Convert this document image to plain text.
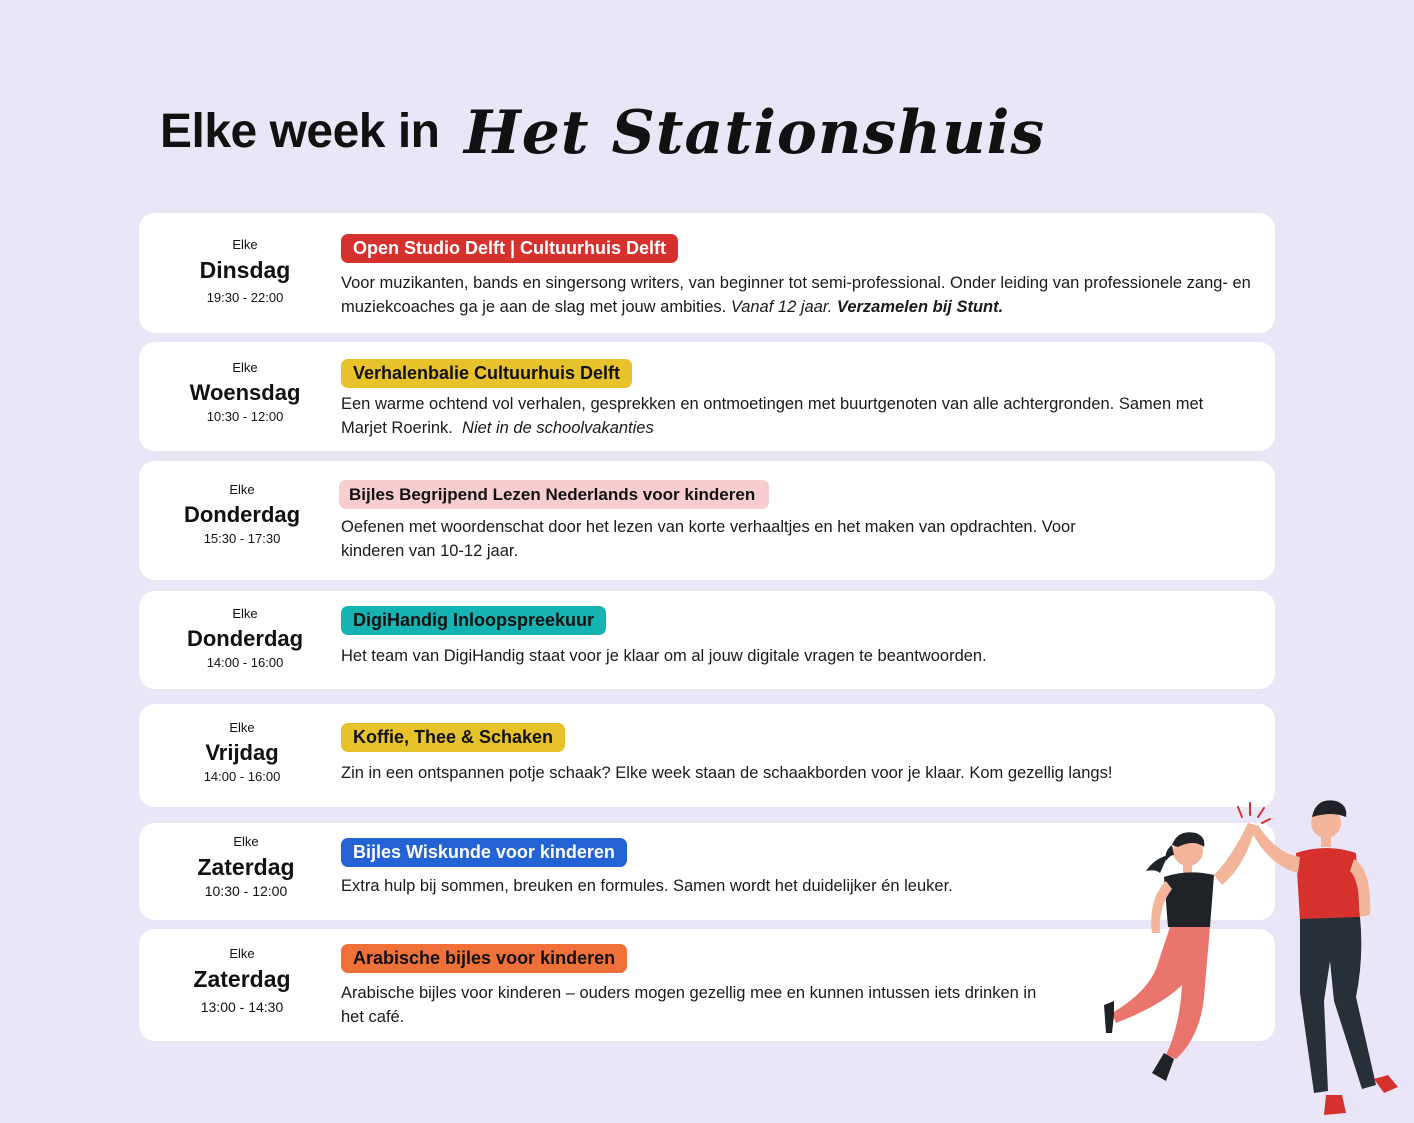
Elke week in Het Stationshuis
Elke
Dinsdag
19:30 - 22:00
Open Studio Delft | Cultuurhuis Delft
Voor muzikanten, bands en singersong writers, van beginner tot semi-professional. Onder leiding van professionele zang- en muziekcoaches ga je aan de slag met jouw ambities. Vanaf 12 jaar. Verzamelen bij Stunt.
Elke
Woensdag
10:30 - 12:00
Verhalenbalie Cultuurhuis Delft
Een warme ochtend vol verhalen, gesprekken en ontmoetingen met buurtgenoten van alle achtergronden. Samen met Marjet Roerink. Niet in de schoolvakanties
Elke
Donderdag
15:30 - 17:30
Bijles Begrijpend Lezen Nederlands voor kinderen
Oefenen met woordenschat door het lezen van korte verhaaltjes en het maken van opdrachten. Voor kinderen van 10-12 jaar.
Elke
Donderdag
14:00 - 16:00
DigiHandig Inloopspreekuur
Het team van DigiHandig staat voor je klaar om al jouw digitale vragen te beantwoorden.
Elke
Vrijdag
14:00 - 16:00
Koffie, Thee & Schaken
Zin in een ontspannen potje schaak? Elke week staan de schaakborden voor je klaar. Kom gezellig langs!
Elke
Zaterdag
10:30 - 12:00
Bijles Wiskunde voor kinderen
Extra hulp bij sommen, breuken en formules. Samen wordt het duidelijker én leuker.
Elke
Zaterdag
13:00 - 14:30
Arabische bijles voor kinderen
Arabische bijles voor kinderen – ouders mogen gezellig mee en kunnen intussen iets drinken in het café.
